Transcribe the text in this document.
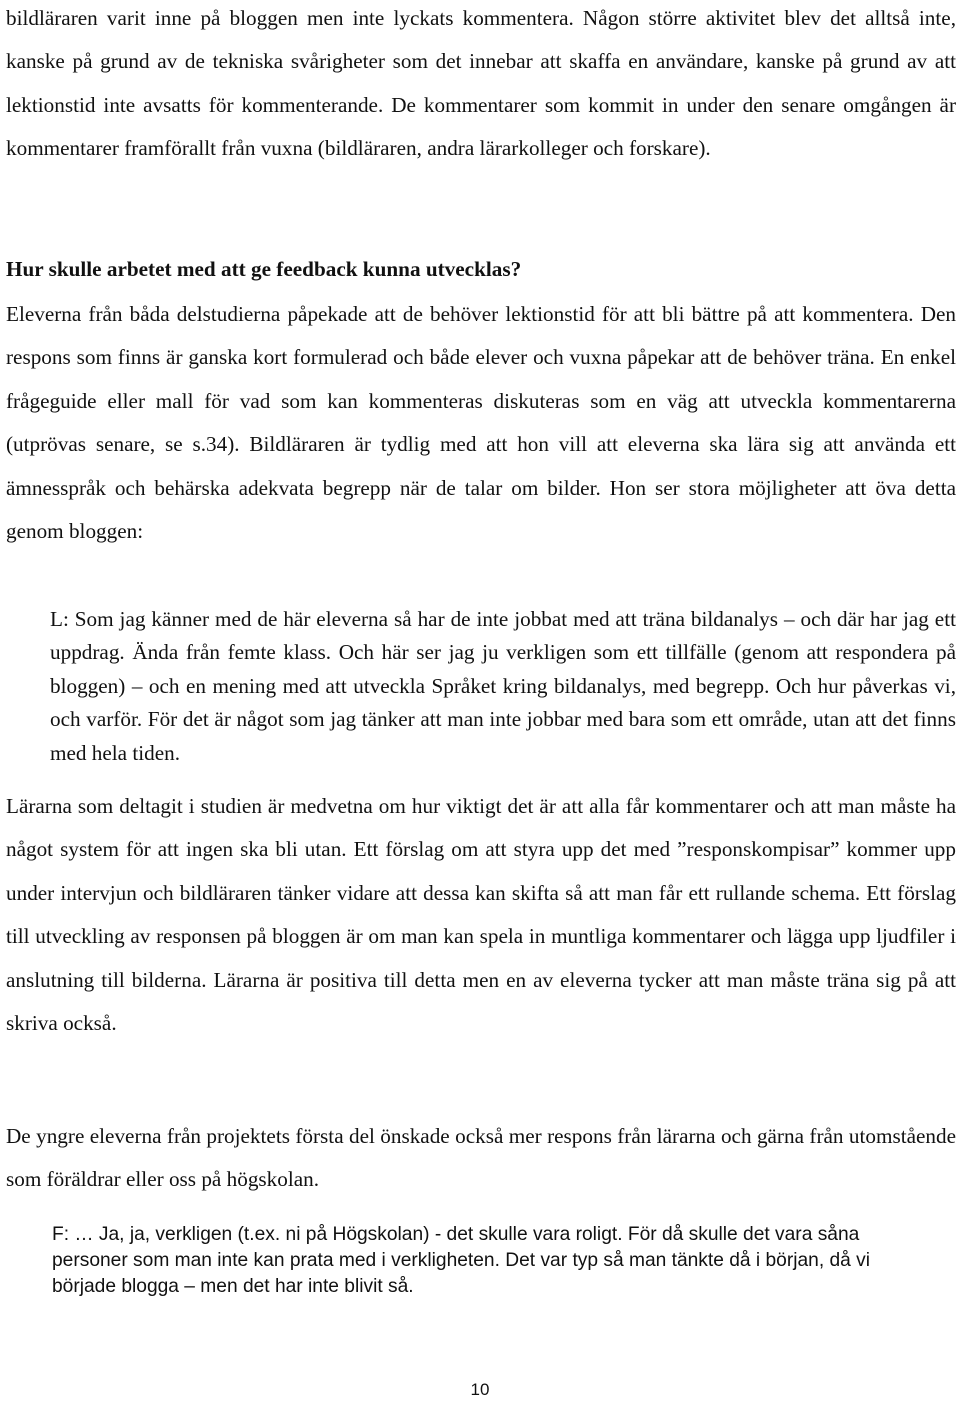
bildläraren varit inne på bloggen men inte lyckats kommentera. Någon större aktivitet blev det alltså inte, kanske på grund av de tekniska svårigheter som det innebar att skaffa en användare, kanske på grund av att lektionstid inte avsatts för kommenterande. De kommentarer som kommit in under den senare omgången är kommentarer framförallt från vuxna (bildläraren, andra lärarkolleger och forskare).

Hur skulle arbetet med att ge feedback kunna utvecklas?

Eleverna från båda delstudierna påpekade att de behöver lektionstid för att bli bättre på att kommentera. Den respons som finns är ganska kort formulerad och både elever och vuxna påpekar att de behöver träna. En enkel frågeguide eller mall för vad som kan kommenteras diskuteras som en väg att utveckla kommentarerna (utprövas senare, se s.34). Bildläraren är tydlig med att hon vill att eleverna ska lära sig att använda ett ämnesspråk och behärska adekvata begrepp när de talar om bilder. Hon ser stora möjligheter att öva detta genom bloggen:

L: Som jag känner med de här eleverna så har de inte jobbat med att träna bildanalys – och där har jag ett uppdrag. Ända från femte klass. Och här ser jag ju verkligen som ett tillfälle (genom att respondera på bloggen) – och en mening med att utveckla Språket kring bildanalys, med begrepp. Och hur påverkas vi, och varför. För det är något som jag tänker att man inte jobbar med bara som ett område, utan att det finns med hela tiden.

Lärarna som deltagit i studien är medvetna om hur viktigt det är att alla får kommentarer och att man måste ha något system för att ingen ska bli utan. Ett förslag om att styra upp det med ”responskompisar” kommer upp under intervjun och bildläraren tänker vidare att dessa kan skifta så att man får ett rullande schema. Ett förslag till utveckling av responsen på bloggen är om man kan spela in muntliga kommentarer och lägga upp ljudfiler i anslutning till bilderna. Lärarna är positiva till detta men en av eleverna tycker att man måste träna sig på att skriva också.

De yngre eleverna från projektets första del önskade också mer respons från lärarna och gärna från utomstående som föräldrar eller oss på högskolan.

F: … Ja, ja, verkligen (t.ex. ni på Högskolan) - det skulle vara roligt. För då skulle det vara såna personer som man inte kan prata med i verkligheten. Det var typ så man tänkte då i början, då vi började blogga – men det har inte blivit så.

10
